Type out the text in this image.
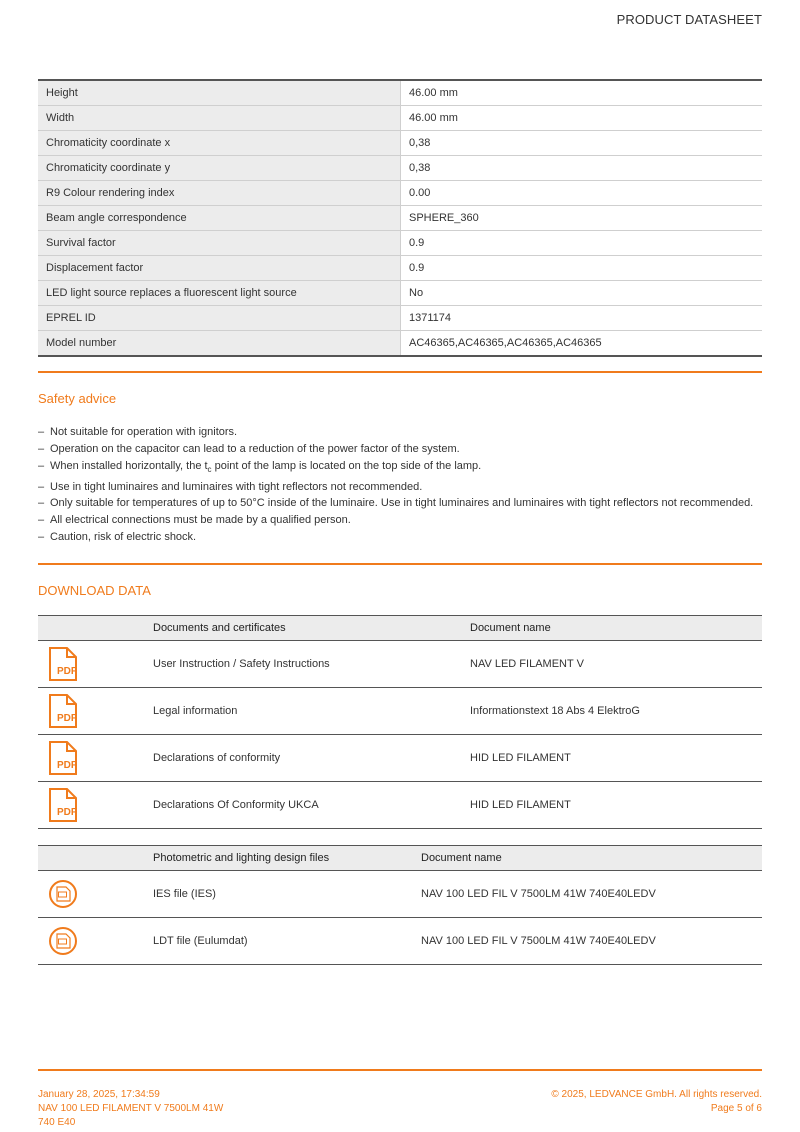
PRODUCT DATASHEET
Height	46.00 mm
Width	46.00 mm
Chromaticity coordinate x	0,38
Chromaticity coordinate y	0,38
R9 Colour rendering index	0.00
Beam angle correspondence	SPHERE_360
Survival factor	0.9
Displacement factor	0.9
LED light source replaces a fluorescent light source	No
EPREL ID	1371174
Model number	AC46365,AC46365,AC46365,AC46365
Safety advice
– Not suitable for operation with ignitors.
– Operation on the capacitor can lead to a reduction of the power factor of the system.
– When installed horizontally, the $t_c$ point of the lamp is located on the top side of the lamp.
– Use in tight luminaires and luminaires with tight reflectors not recommended.
– Only suitable for temperatures of up to 50°C inside of the luminaire. Use in tight luminaires and luminaires with tight reflectors not recommended.
– All electrical connections must be made by a qualified person.
– Caution, risk of electric shock.
DOWNLOAD DATA
	Documents and certificates	Document name

PDF	User Instruction / Safety Instructions	NAV LED FILAMENT V

PDF	Legal information	Informationstext 18 Abs 4 ElektroG

PDF	Declarations of conformity	HID LED FILAMENT

PDF	Declarations Of Conformity UKCA	HID LED FILAMENT
	Photometric and lighting design files	Document name

	IES file (IES)	NAV 100 LED FIL V 7500LM 41W 740E40LEDV

	LDT file (Eulumdat)	NAV 100 LED FIL V 7500LM 41W 740E40LEDV
January 28, 2025, 17:34:59
NAV 100 LED FILAMENT V 7500LM 41W
740 E40
© 2025, LEDVANCE GmbH. All rights reserved.
Page 5 of 6
